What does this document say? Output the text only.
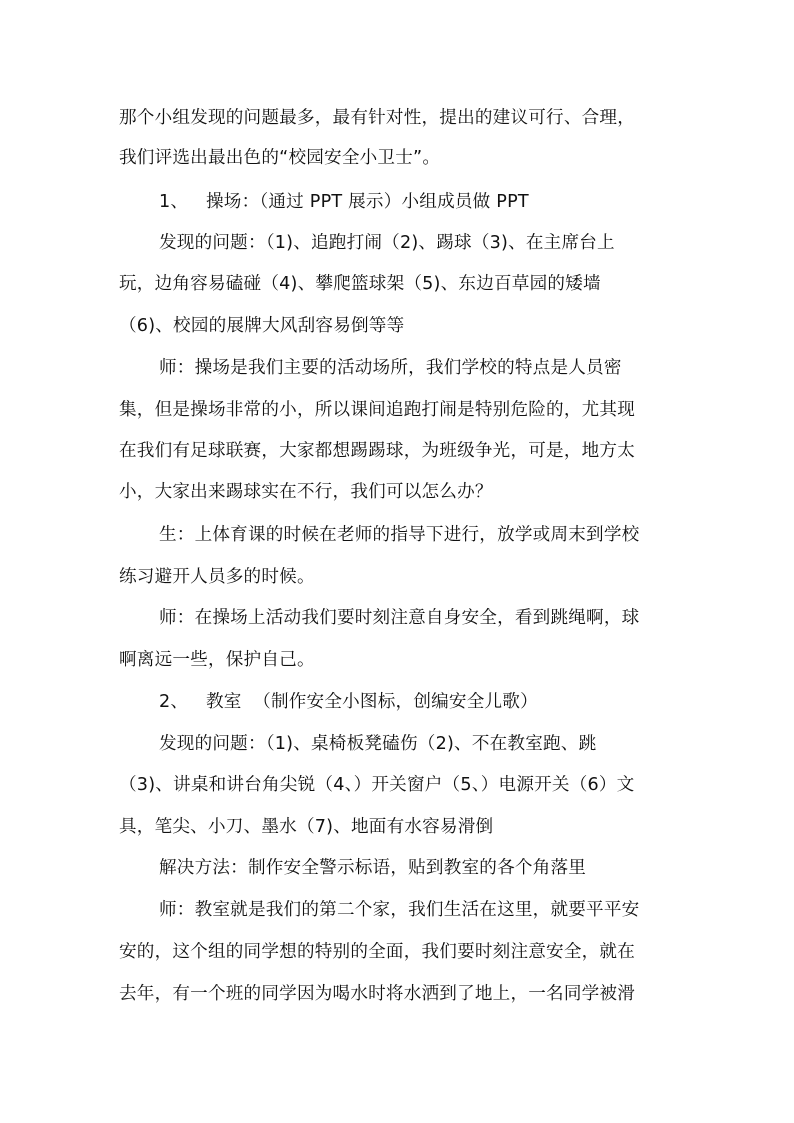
那个小组发现的问题最多，最有针对性，提出的建议可行、合理，
我们评选出最出色的“校园安全小卫士”。
1、 操场：（通过 PPT 展示）小组成员做 PPT
发现的问题：（1)、追跑打闹（2)、踢球（3)、在主席台上
玩，边角容易磕碰（4)、攀爬篮球架（5)、东边百草园的矮墙
（6)、校园的展牌大风刮容易倒等等
师：操场是我们主要的活动场所，我们学校的特点是人员密
集，但是操场非常的小，所以课间追跑打闹是特别危险的，尤其现
在我们有足球联赛，大家都想踢踢球，为班级争光，可是，地方太
小，大家出来踢球实在不行，我们可以怎么办？
生：上体育课的时候在老师的指导下进行，放学或周末到学校
练习避开人员多的时候。
师：在操场上活动我们要时刻注意自身安全，看到跳绳啊，球
啊离远一些，保护自己。
2、 教室  （制作安全小图标，创编安全儿歌）
发现的问题：（1)、桌椅板凳磕伤（2)、不在教室跑、跳
（3)、讲桌和讲台角尖锐（4、）开关窗户（5、）电源开关（6）文
具，笔尖、小刀、墨水（7)、地面有水容易滑倒
解决方法：制作安全警示标语，贴到教室的各个角落里
师：教室就是我们的第二个家，我们生活在这里，就要平平安
安的，这个组的同学想的特别的全面，我们要时刻注意安全，就在
去年，有一个班的同学因为喝水时将水洒到了地上，一名同学被滑
